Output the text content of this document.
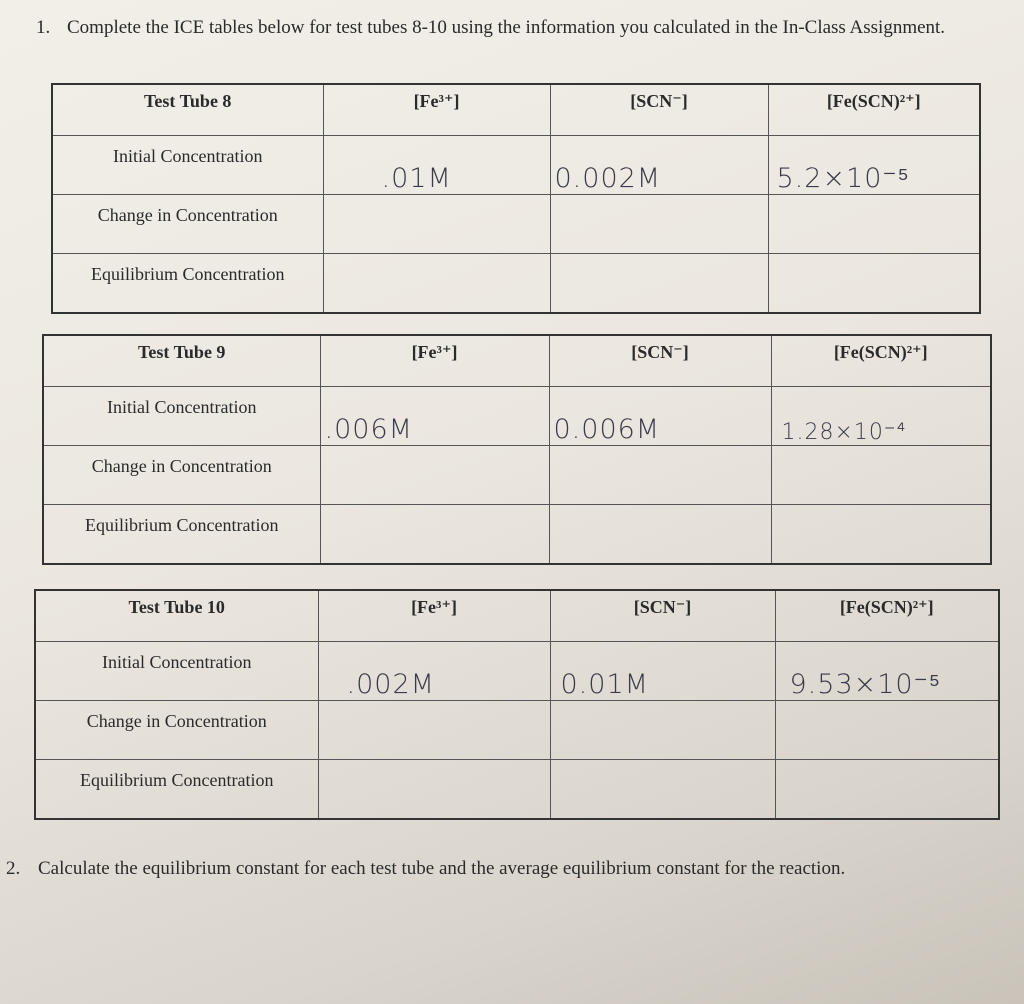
1. Complete the ICE tables below for test tubes 8-10 using the information you calculated in the In-Class Assignment.
Test Tube 8	[Fe³⁺]	[SCN⁻]	[Fe(SCN)²⁺]
Initial Concentration	.01M	0.002M	5.2×10⁻⁵

Change in Concentration			
Equilibrium Concentration			
Test Tube 9	[Fe³⁺]	[SCN⁻]	[Fe(SCN)²⁺]
Initial Concentration	.006M	0.006M	1.28×10⁻⁴

Change in Concentration			
Equilibrium Concentration			
Test Tube 10	[Fe³⁺]	[SCN⁻]	[Fe(SCN)²⁺]
Initial Concentration	.002M	0.01M	9.53×10⁻⁵

Change in Concentration			
Equilibrium Concentration			
2. Calculate the equilibrium constant for each test tube and the average equilibrium constant for the reaction.
